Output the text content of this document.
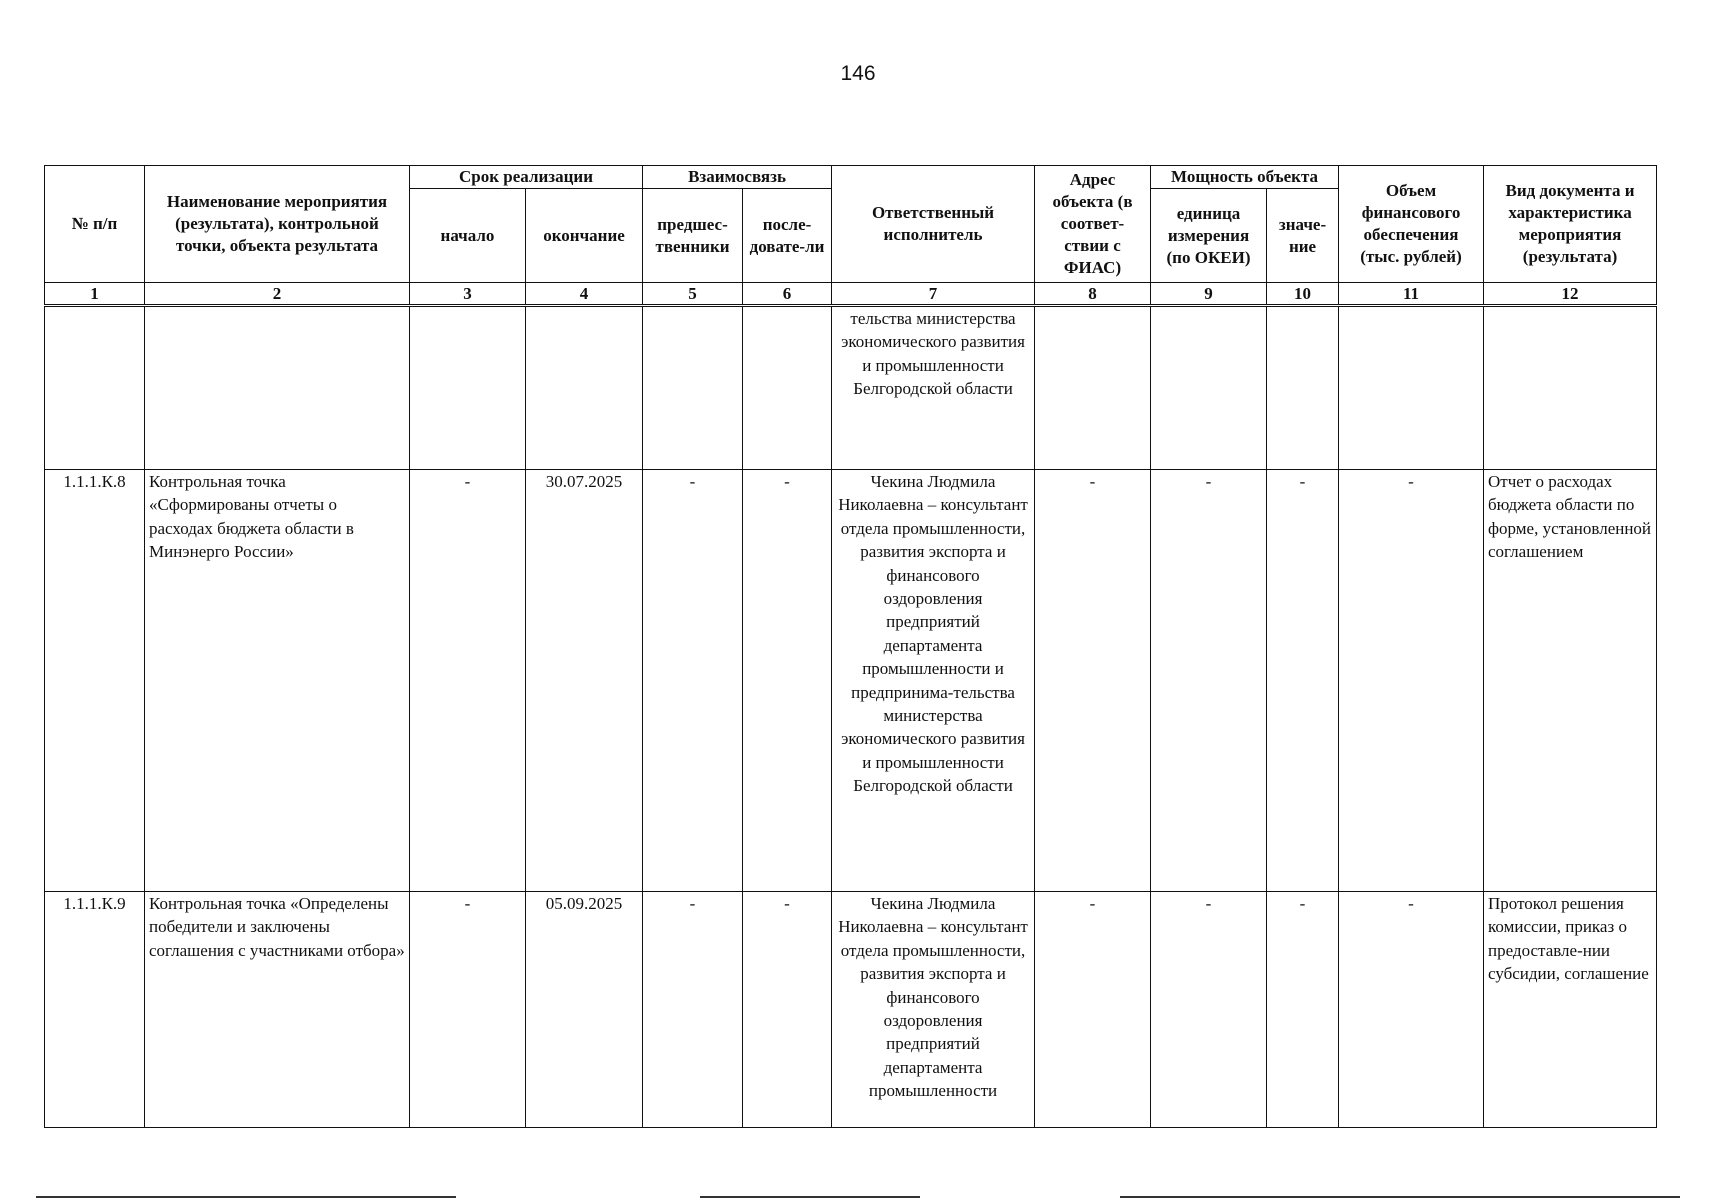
146
№ п/п	Наименование мероприятия (результата), контрольной точки, объекта результата	Срок реализации		Взаимосвязь		Ответственный исполнитель	Адрес объекта (в соответ-ствии с ФИАС)	Мощность объекта		Объем финансового обеспечения (тыс. рублей)	Вид документа и характеристика мероприятия (результата)
		начало	окончание	предшес-твенники	после-довате-ли			единица измерения (по ОКЕИ)	значе-ние		
1	2	3	4	5	6	7	8	9	10	11	12
						тельства министерства экономического развития и промышленности Белгородской области					
1.1.1.К.8	Контрольная точка «Сформированы отчеты о расходах бюджета области в Минэнерго России»	-	30.07.2025	-	-	Чекина Людмила Николаевна – консультант отдела промышленности, развития экспорта и финансового оздоровления предприятий департамента промышленности и предпринима-тельства министерства экономического развития и промышленности Белгородской области	-	-	-	-	Отчет о расходах бюджета области по форме, установленной соглашением
1.1.1.К.9	Контрольная точка «Определены победители и заключены соглашения с участниками отбора»	-	05.09.2025	-	-	Чекина Людмила Николаевна – консультант отдела промышленности, развития экспорта и финансового оздоровления предприятий департамента промышленности	-	-	-	-	Протокол решения комиссии, приказ о предоставле-нии субсидии, соглашение
